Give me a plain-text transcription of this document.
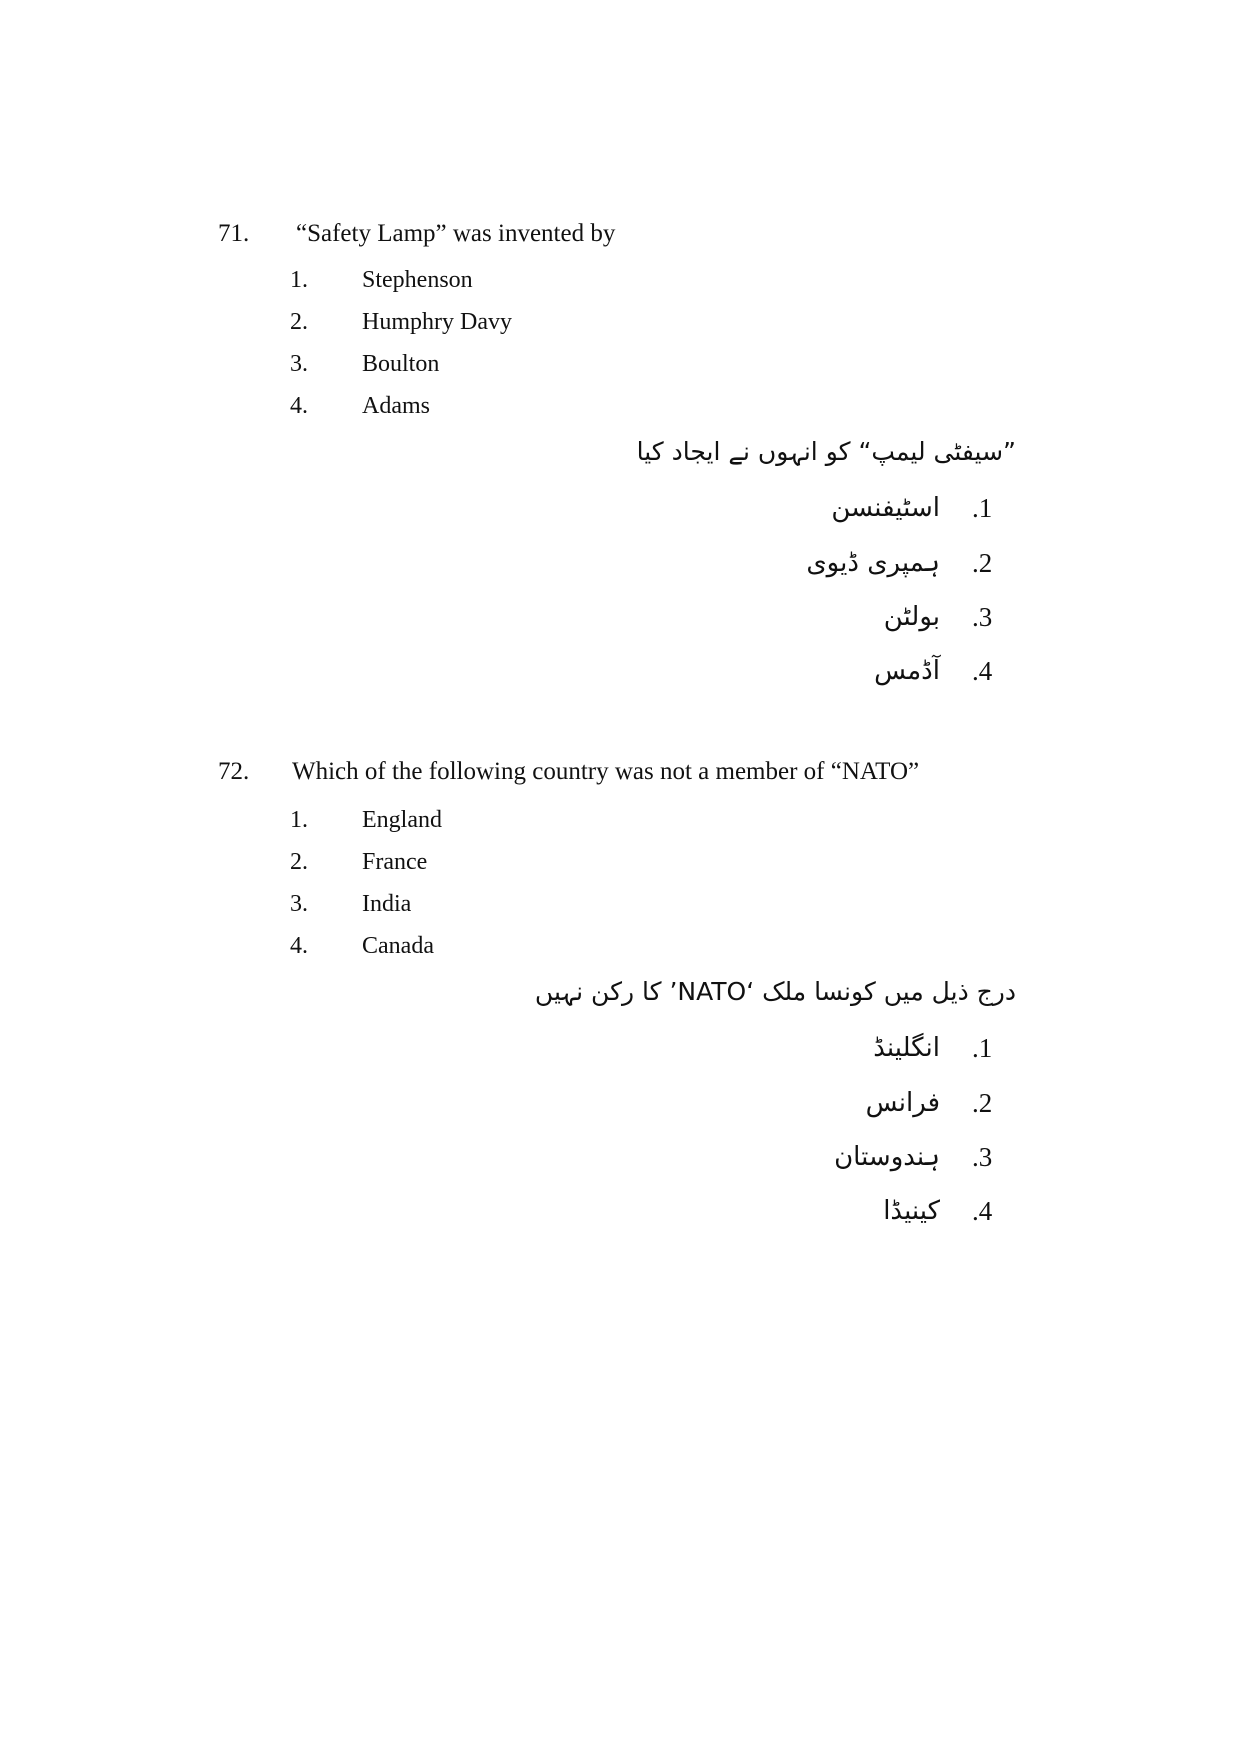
71. “Safety Lamp” was invented by
1. Stephenson
2. Humphry Davy
3. Boulton
4. Adams
”سیفٹی لیمپ“ کو انہوں نے ایجاد کیا
.1
اسٹیفنسن
.2
ہمپری ڈیوی
.3
بولٹن
.4
آڈمس
72. Which of the following country was not a member of “NATO”
1. England
2. France
3. India
4. Canada
درج ذیل میں کونسا ملک ‘NATO’ کا رکن نہیں
.1
انگلینڈ
.2
فرانس
.3
ہندوستان
.4
کینیڈا
